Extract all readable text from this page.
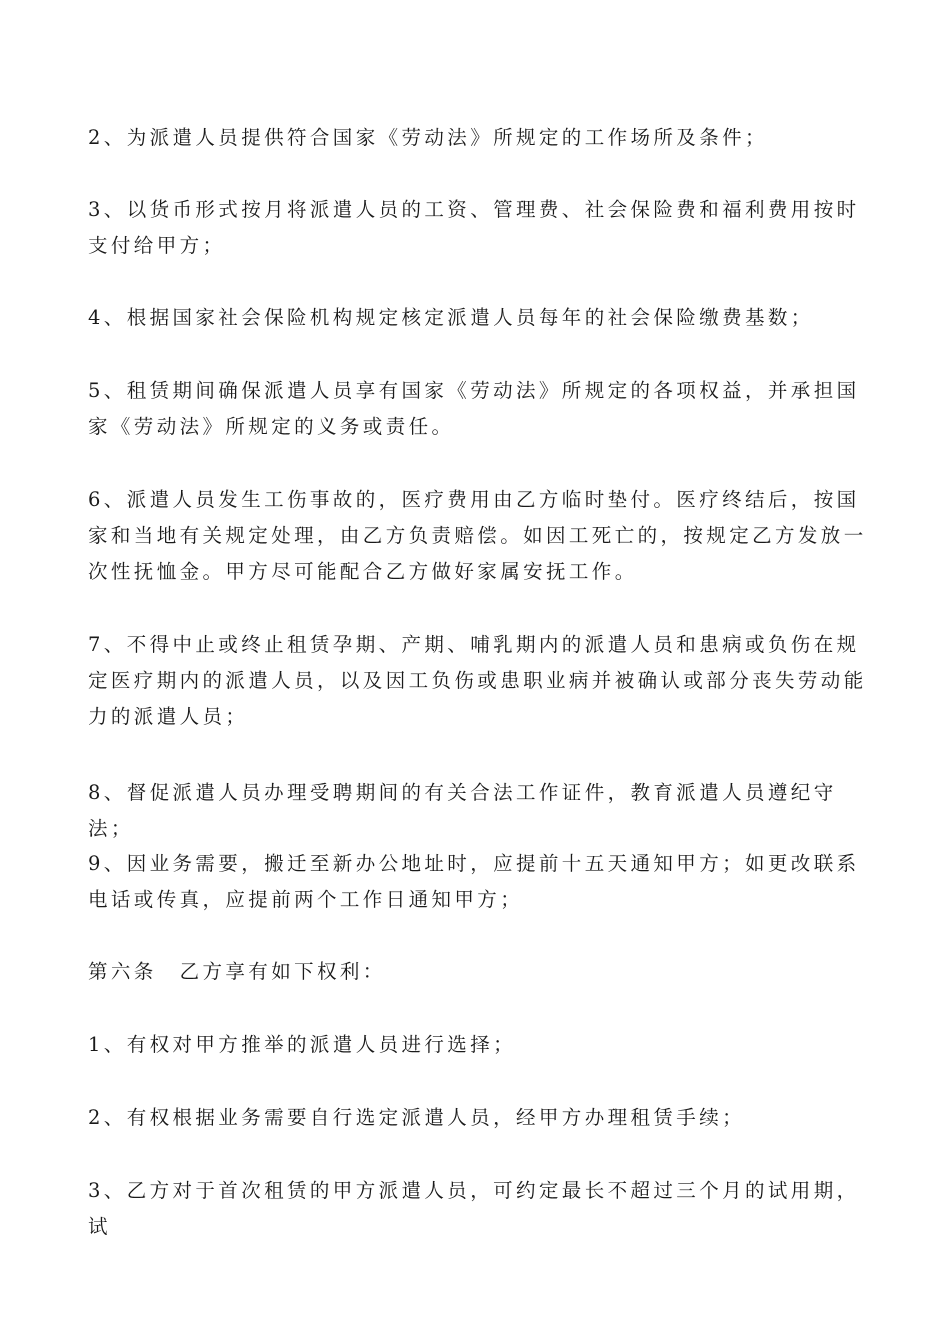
2、为派遣人员提供符合国家《劳动法》所规定的工作场所及条件；

3、以货币形式按月将派遣人员的工资、管理费、社会保险费和福利费用按时支付给甲方；

4、根据国家社会保险机构规定核定派遣人员每年的社会保险缴费基数；

5、租赁期间确保派遣人员享有国家《劳动法》所规定的各项权益，并承担国家《劳动法》所规定的义务或责任。

6、派遣人员发生工伤事故的，医疗费用由乙方临时垫付。医疗终结后，按国家和当地有关规定处理，由乙方负责赔偿。如因工死亡的，按规定乙方发放一次性抚恤金。甲方尽可能配合乙方做好家属安抚工作。

7、不得中止或终止租赁孕期、产期、哺乳期内的派遣人员和患病或负伤在规定医疗期内的派遣人员，以及因工负伤或患职业病并被确认或部分丧失劳动能力的派遣人员；

8、督促派遣人员办理受聘期间的有关合法工作证件，教育派遣人员遵纪守法；

9、因业务需要，搬迁至新办公地址时，应提前十五天通知甲方；如更改联系电话或传真，应提前两个工作日通知甲方；

第六条　乙方享有如下权利：

1、有权对甲方推举的派遣人员进行选择；

2、有权根据业务需要自行选定派遣人员，经甲方办理租赁手续；

3、乙方对于首次租赁的甲方派遣人员，可约定最长不超过三个月的试用期，试
